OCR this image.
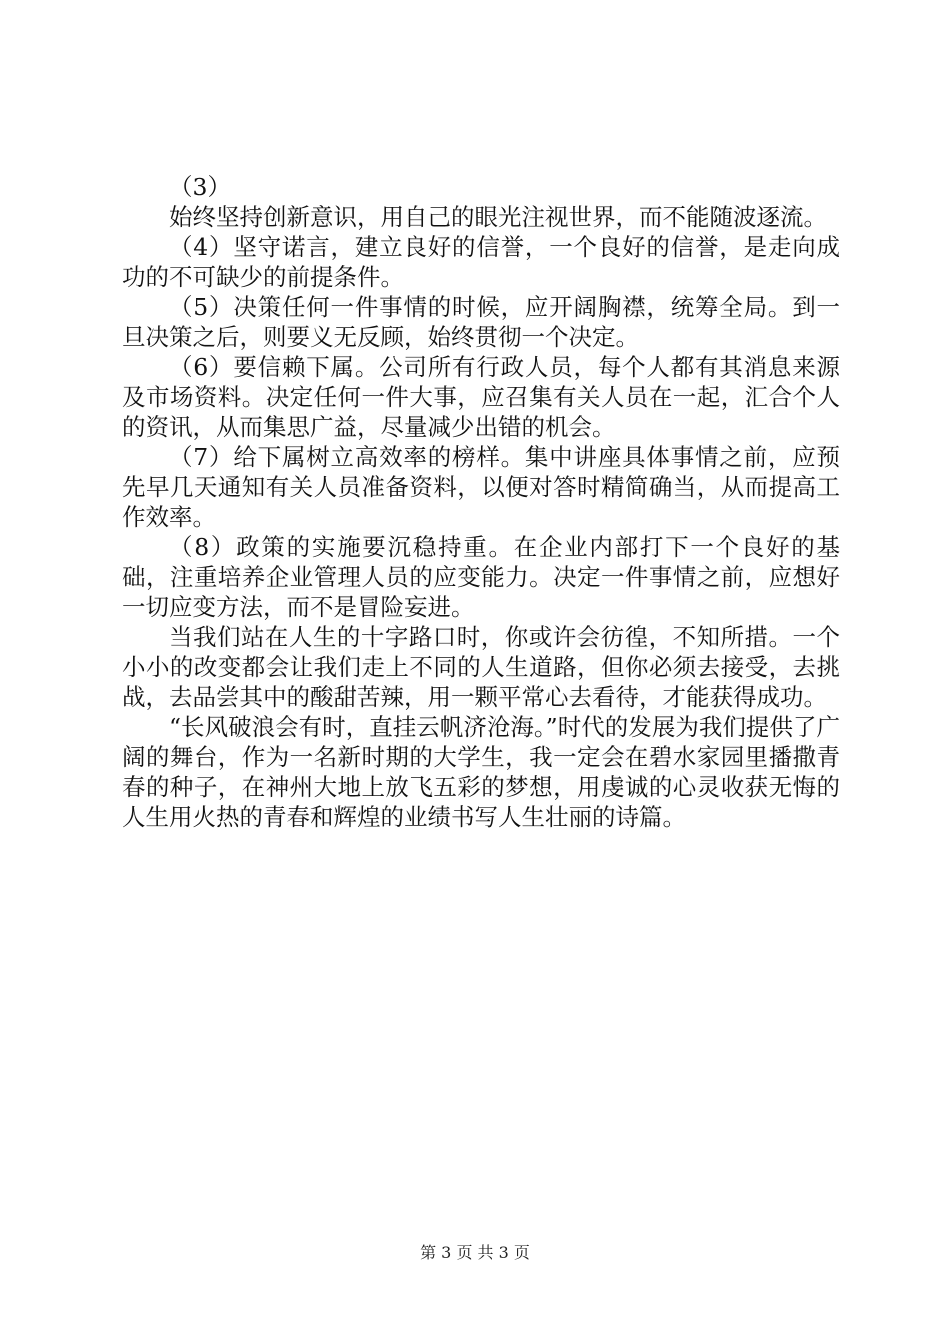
（3）

始终坚持创新意识，用自己的眼光注视世界，而不能随波逐流。

（4）坚守诺言，建立良好的信誉，一个良好的信誉，是走向成功的不可缺少的前提条件。

（5）决策任何一件事情的时候，应开阔胸襟，统筹全局。到一旦决策之后，则要义无反顾，始终贯彻一个决定。

（6）要信赖下属。公司所有行政人员，每个人都有其消息来源及市场资料。决定任何一件大事，应召集有关人员在一起，汇合个人的资讯，从而集思广益，尽量减少出错的机会。

（7）给下属树立高效率的榜样。集中讲座具体事情之前，应预先早几天通知有关人员准备资料，以便对答时精简确当，从而提高工作效率。

（8）政策的实施要沉稳持重。在企业内部打下一个良好的基础，注重培养企业管理人员的应变能力。决定一件事情之前，应想好一切应变方法，而不是冒险妄进。

当我们站在人生的十字路口时，你或许会彷徨，不知所措。一个小小的改变都会让我们走上不同的人生道路，但你必须去接受，去挑战，去品尝其中的酸甜苦辣，用一颗平常心去看待，才能获得成功。

“长风破浪会有时，直挂云帆济沧海。”时代的发展为我们提供了广阔的舞台，作为一名新时期的大学生，我一定会在碧水家园里播撒青春的种子，在神州大地上放飞五彩的梦想，用虔诚的心灵收获无悔的人生用火热的青春和辉煌的业绩书写人生壮丽的诗篇。

第 3 页 共 3 页
